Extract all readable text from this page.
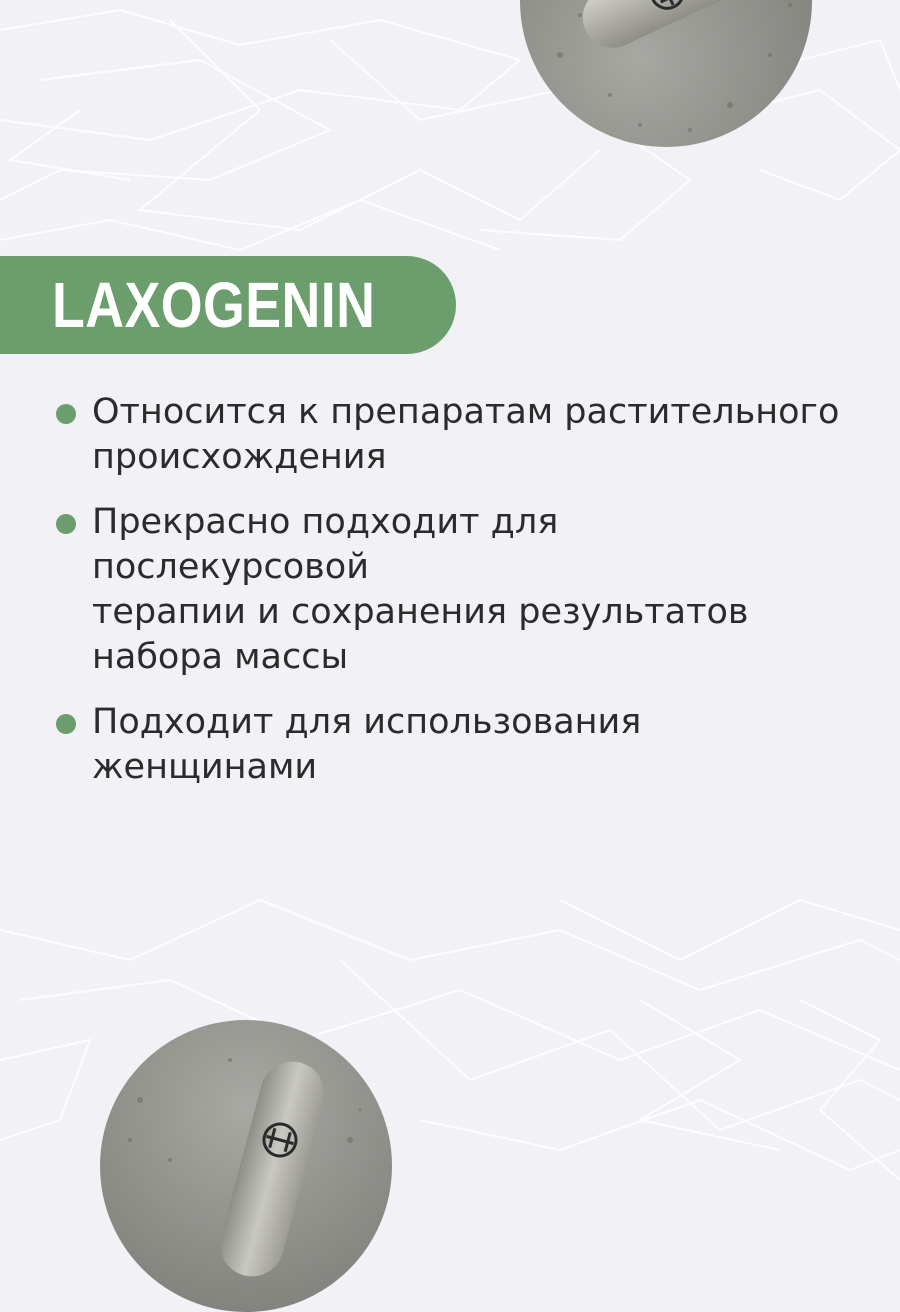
LAXOGENIN
Относится к препаратам растительного
происхождения
Прекрасно подходит для послекурсовой
терапии и сохранения результатов
набора массы
Подходит для использования
женщинами
